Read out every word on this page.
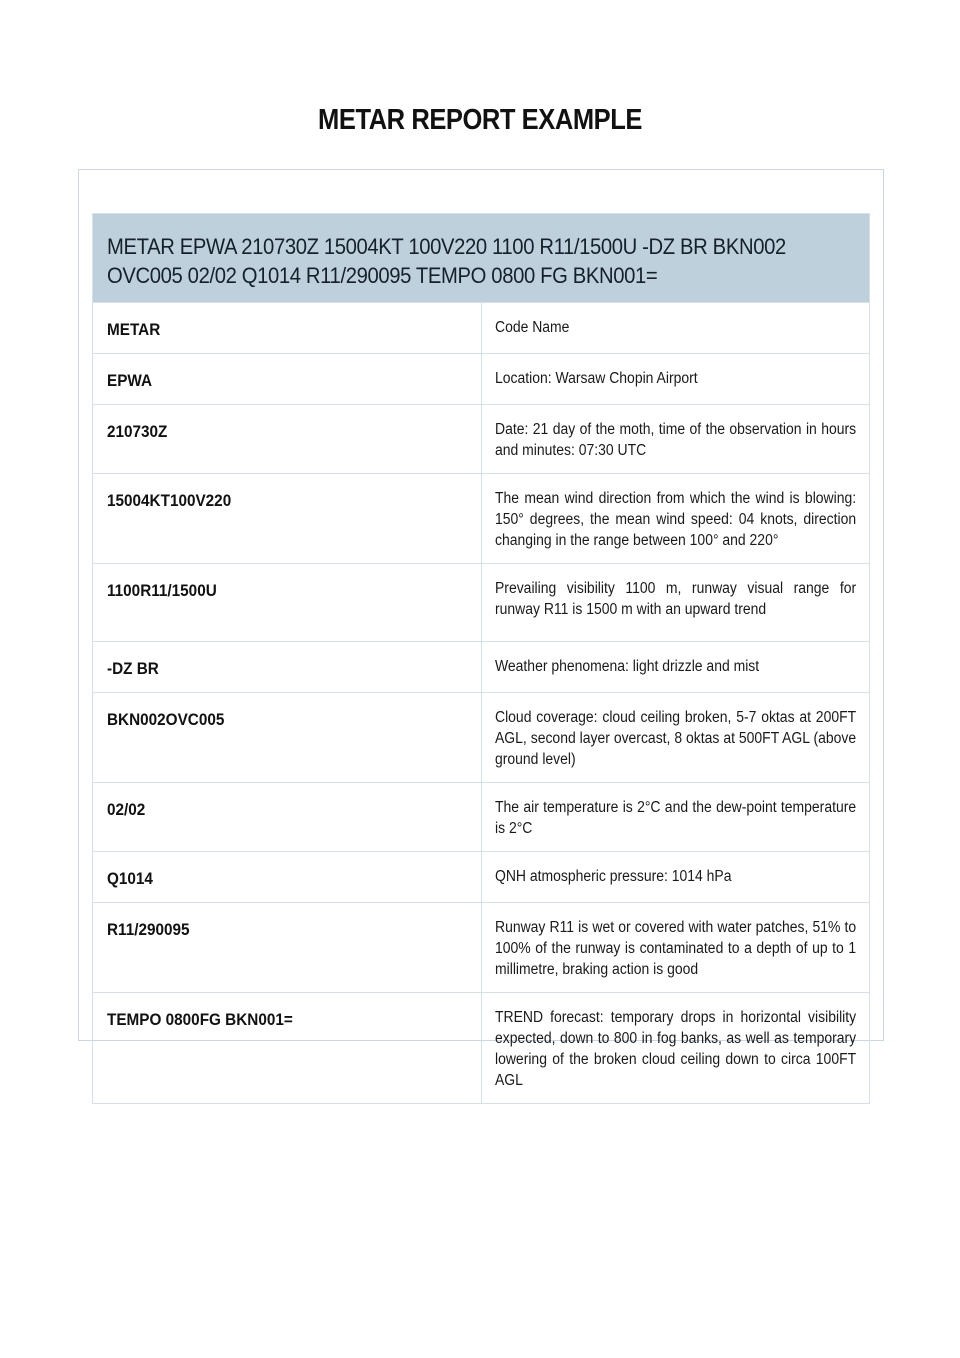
METAR REPORT EXAMPLE
METAR EPWA 210730Z 15004KT 100V220 1100 R11/1500U -DZ BR BKN002 OVC005 02/02 Q1014 R11/290095 TEMPO 0800 FG BKN001=	

METAR	Code Name

EPWA	Location: Warsaw Chopin Airport

210730Z	Date: 21 day of the moth, time of the observation in hours and minutes: 07:30 UTC

15004KT100V220	The mean wind direction from which the wind is blowing: 150° degrees, the mean wind speed: 04 knots, direction changing in the range between 100° and 220°

1100R11/1500U	Prevailing visibility 1100 m, runway visual range for runway R11 is 1500 m with an upward trend

-DZ BR	Weather phenomena: light drizzle and mist

BKN002OVC005	Cloud coverage: cloud ceiling broken, 5-7 oktas at 200FT AGL, second layer overcast, 8 oktas at 500FT AGL (above ground level)

02/02	The air temperature is 2°C and the dew-point temperature is 2°C

Q1014	QNH atmospheric pressure: 1014 hPa

R11/290095	Runway R11 is wet or covered with water patches, 51% to 100% of the runway is contaminated to a depth of up to 1 millimetre, braking action is good

TEMPO 0800FG BKN001=	TREND forecast: temporary drops in horizontal visibility expected, down to 800 in fog banks, as well as temporary lowering of the broken cloud ceiling down to circa 100FT AGL
